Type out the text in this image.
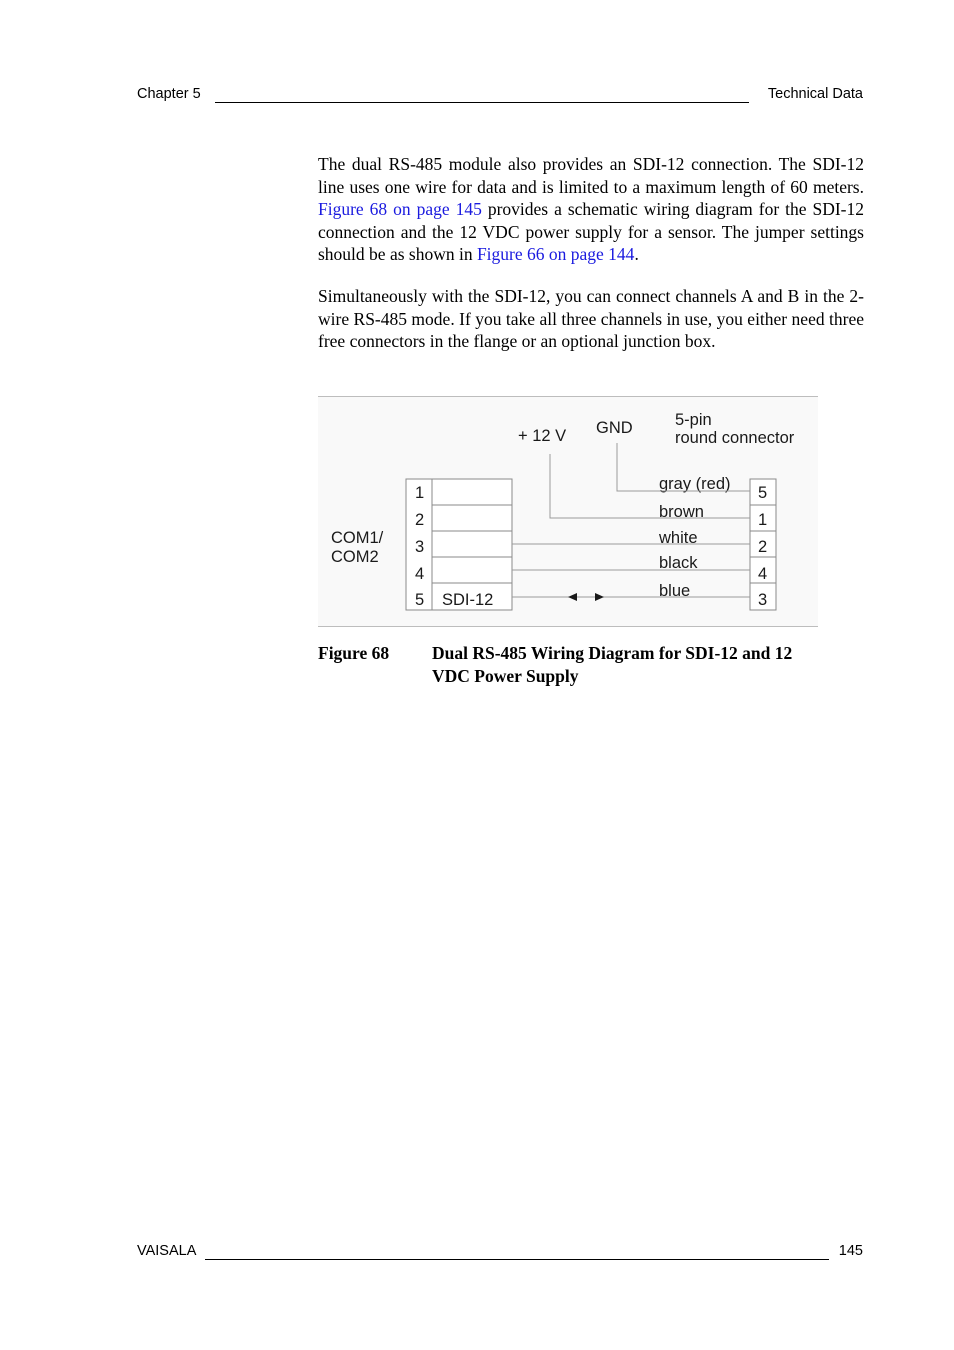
Chapter 5	Technical Data
The dual RS-485 module also provides an SDI-12 connection. The SDI-12 line uses one wire for data and is limited to a maximum length of 60 meters. Figure 68 on page 145 provides a schematic wiring diagram for the SDI-12 connection and the 12 VDC power supply for a sensor. The jumper settings should be as shown in Figure 66 on page 144.
Simultaneously with the SDI-12, you can connect channels A and B in the 2-wire RS-485 mode. If you take all three channels in use, you either need three free connectors in the flange or an optional junction box.
+ 12 V GND	5-pin
round connector
COM1/
COM2
1
2
3
4
5 SDI-12
5
1
2
4
3
gray (red)
brown
white
black
blue
Figure 68 Dual RS-485 Wiring Diagram for SDI-12 and 12 VDC Power Supply
VAISALA	145
